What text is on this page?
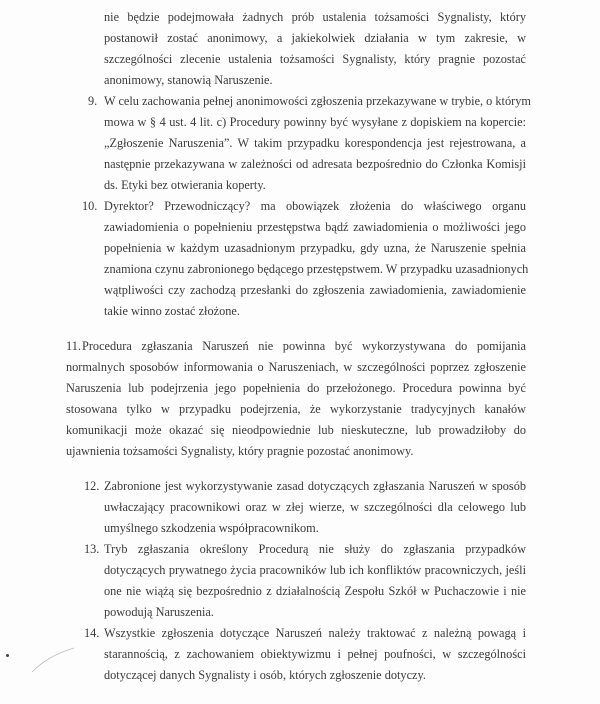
nie będzie podejmowała żadnych prób ustalenia tożsamości Sygnalisty, który
postanowił zostać anonimowy, a jakiekolwiek działania w tym zakresie, w
szczególności zlecenie ustalenia tożsamości Sygnalisty, który pragnie pozostać
anonimowy, stanowią Naruszenie.
9. W celu zachowania pełnej anonimowości zgłoszenia przekazywane w trybie, o którym
mowa w § 4 ust. 4 lit. c) Procedury powinny być wysyłane z dopiskiem na kopercie:
„Zgłoszenie Naruszenia”. W takim przypadku korespondencja jest rejestrowana, a
następnie przekazywana w zależności od adresata bezpośrednio do Członka Komisji
ds. Etyki bez otwierania koperty.
10. Dyrektor? Przewodniczący? ma obowiązek złożenia do właściwego organu
zawiadomienia o popełnieniu przestępstwa bądź zawiadomienia o możliwości jego
popełnienia w każdym uzasadnionym przypadku, gdy uzna, że Naruszenie spełnia
znamiona czynu zabronionego będącego przestępstwem. W przypadku uzasadnionych
wątpliwości czy zachodzą przesłanki do zgłoszenia zawiadomienia, zawiadomienie
takie winno zostać złożone.
11. Procedura zgłaszania Naruszeń nie powinna być wykorzystywana do pomijania
normalnych sposobów informowania o Naruszeniach, w szczególności poprzez zgłoszenie
Naruszenia lub podejrzenia jego popełnienia do przełożonego. Procedura powinna być
stosowana tylko w przypadku podejrzenia, że wykorzystanie tradycyjnych kanałów
komunikacji może okazać się nieodpowiednie lub nieskuteczne, lub prowadziłoby do
ujawnienia tożsamości Sygnalisty, który pragnie pozostać anonimowy.
12. Zabronione jest wykorzystywanie zasad dotyczących zgłaszania Naruszeń w sposób
uwłaczający pracownikowi oraz w złej wierze, w szczególności dla celowego lub
umyślnego szkodzenia współpracownikom.
13. Tryb zgłaszania określony Procedurą nie służy do zgłaszania przypadków
dotyczących prywatnego życia pracowników lub ich konfliktów pracowniczych, jeśli
one nie wiążą się bezpośrednio z działalnością Zespołu Szkół w Puchaczowie i nie
powodują Naruszenia.
14. Wszystkie zgłoszenia dotyczące Naruszeń należy traktować z należną powagą i
starannością, z zachowaniem obiektywizmu i pełnej poufności, w szczególności
dotyczącej danych Sygnalisty i osób, których zgłoszenie dotyczy.
